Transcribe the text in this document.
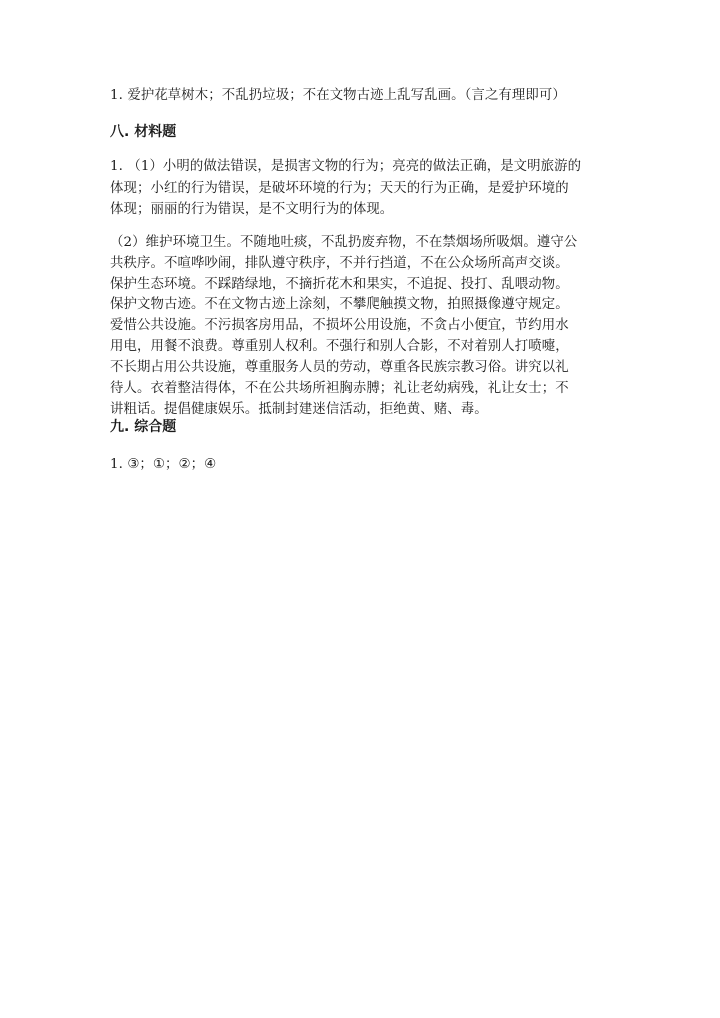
1. 爱护花草树木；不乱扔垃圾；不在文物古迹上乱写乱画。（言之有理即可）
八. 材料题
1. （1）小明的做法错误，是损害文物的行为；亮亮的做法正确，是文明旅游的
体现；小红的行为错误，是破坏环境的行为；天天的行为正确，是爱护环境的
体现；丽丽的行为错误，是不文明行为的体现。
（2）维护环境卫生。不随地吐痰，不乱扔废弃物，不在禁烟场所吸烟。遵守公
共秩序。不喧哗吵闹，排队遵守秩序，不并行挡道，不在公众场所高声交谈。
保护生态环境。不踩踏绿地，不摘折花木和果实，不追捉、投打、乱喂动物。
保护文物古迹。不在文物古迹上涂刻，不攀爬触摸文物，拍照摄像遵守规定。
爱惜公共设施。不污损客房用品，不损坏公用设施，不贪占小便宜，节约用水
用电，用餐不浪费。尊重别人权利。不强行和别人合影，不对着别人打喷嚏，
不长期占用公共设施，尊重服务人员的劳动，尊重各民族宗教习俗。讲究以礼
待人。衣着整洁得体，不在公共场所袒胸赤膊；礼让老幼病残，礼让女士；不
讲粗话。提倡健康娱乐。抵制封建迷信活动，拒绝黄、赌、毒。
九. 综合题
1. ③；①；②；④
